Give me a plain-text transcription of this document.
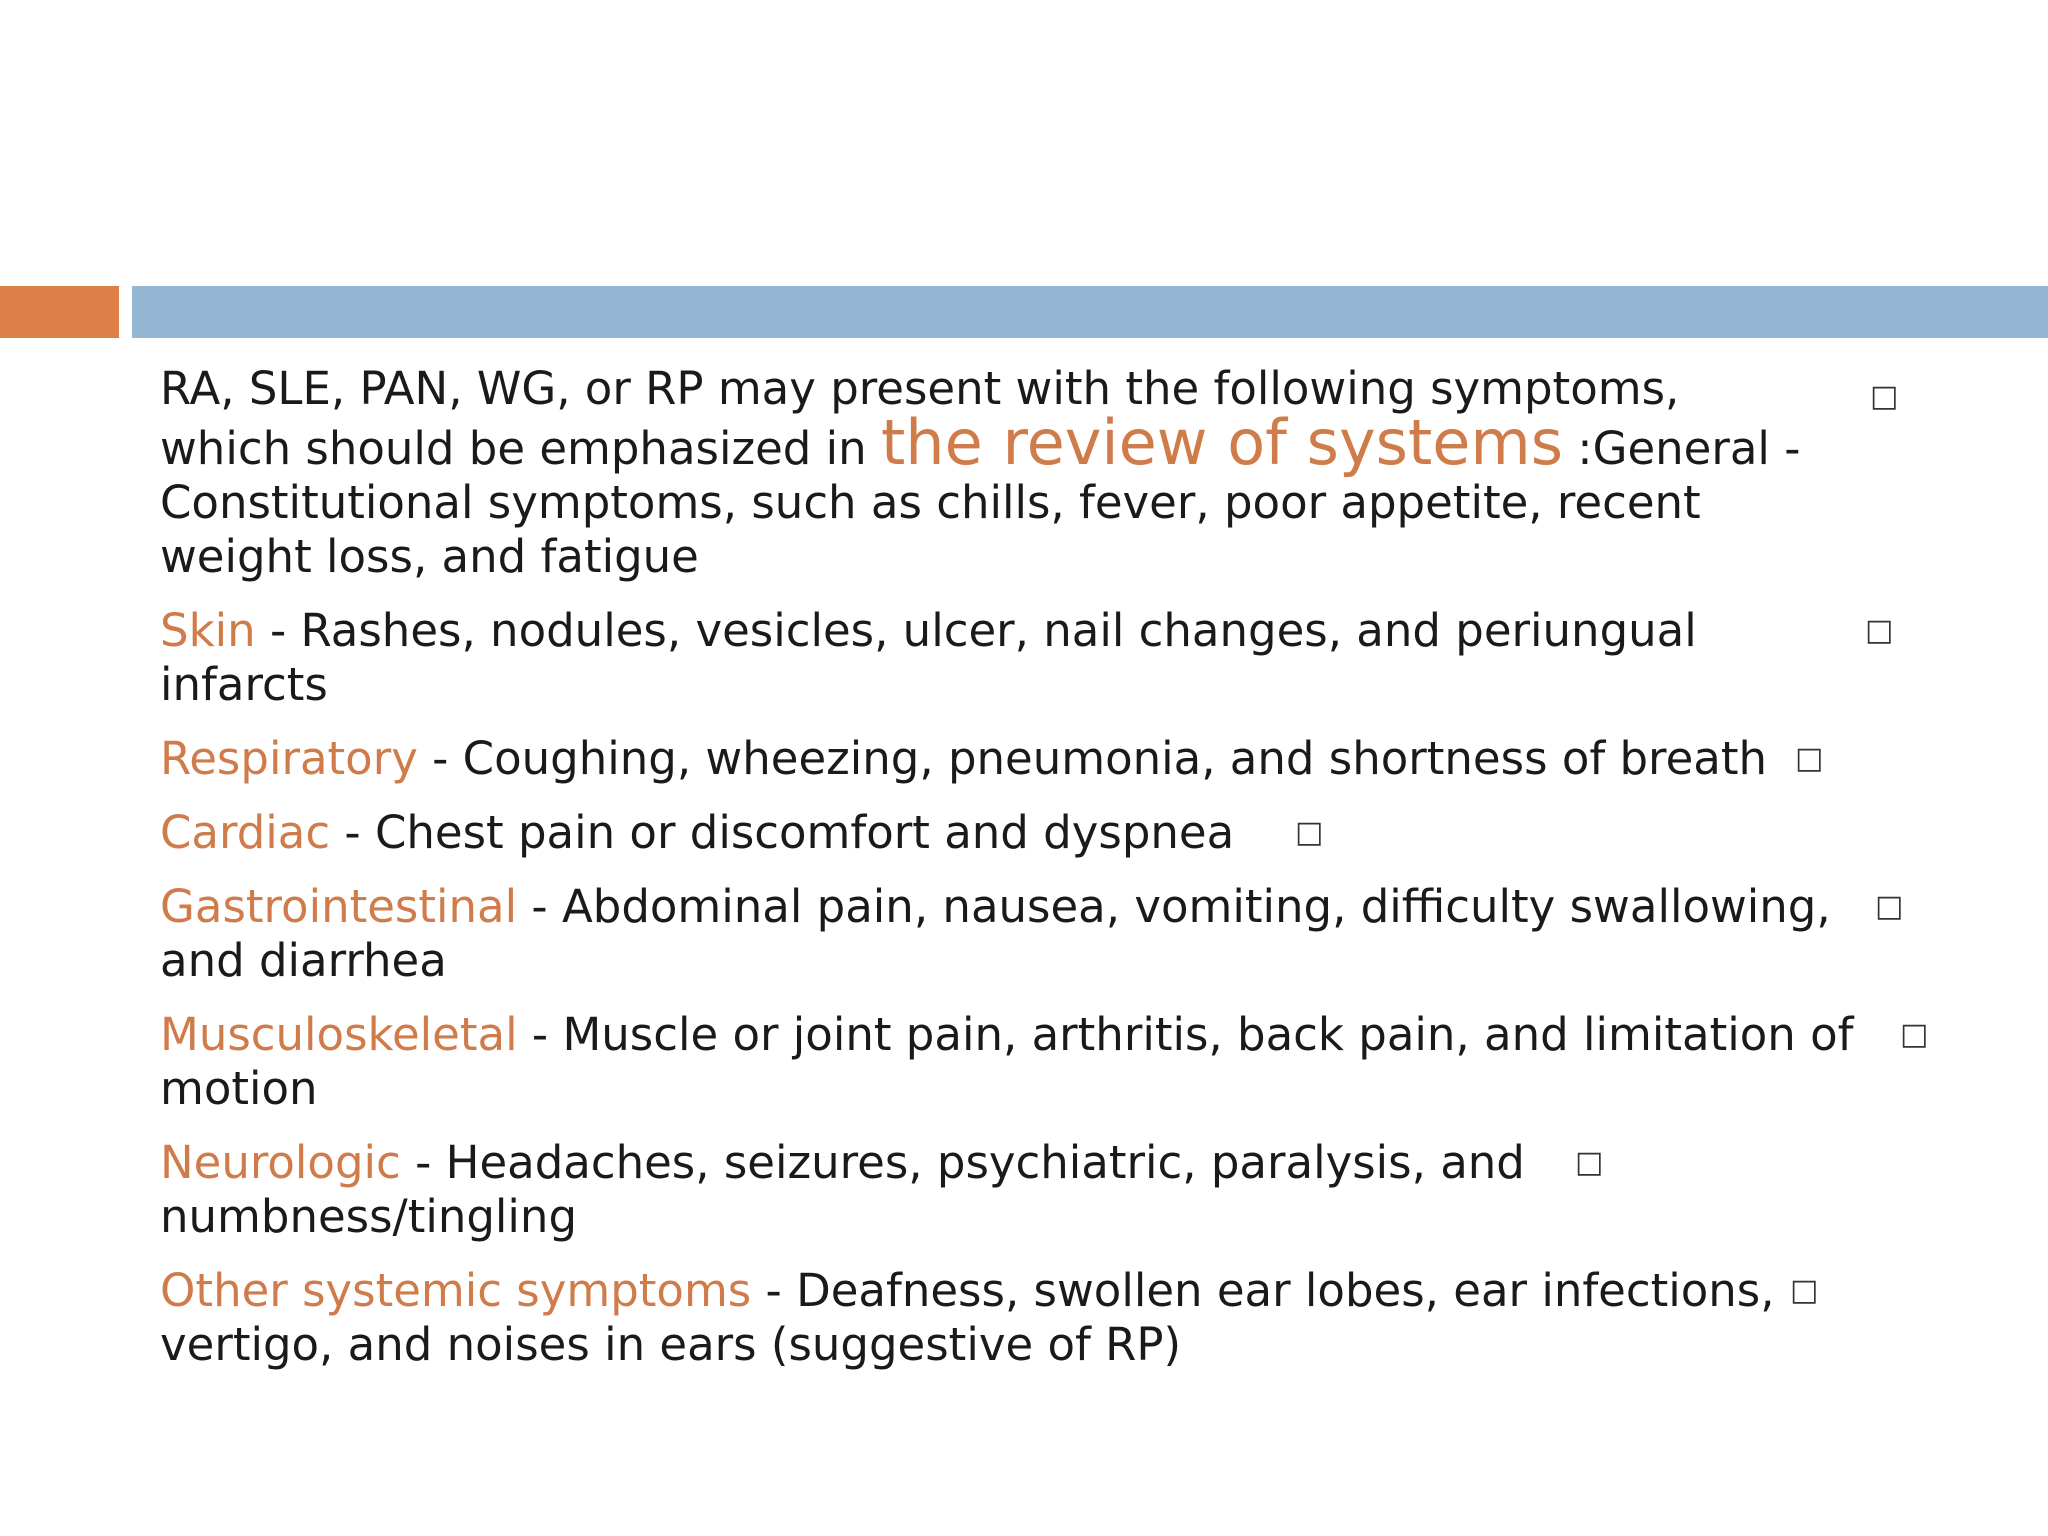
RA, SLE, PAN, WG, or RP may present with the following symptoms, which should be emphasized in the review of systems :General - Constitutional symptoms, such as chills, fever, poor appetite, recent weight loss, and fatigue
□
Skin - Rashes, nodules, vesicles, ulcer, nail changes, and periungual infarcts
□
Respiratory - Coughing, wheezing, pneumonia, and shortness of breath □
Cardiac - Chest pain or discomfort and dyspnea □
Gastrointestinal - Abdominal pain, nausea, vomiting, difficulty swallowing, and diarrhea
□
Musculoskeletal - Muscle or joint pain, arthritis, back pain, and limitation of motion
□
Neurologic - Headaches, seizures, psychiatric, paralysis, and numbness/tingling
□
Other systemic symptoms - Deafness, swollen ear lobes, ear infections, vertigo, and noises in ears (suggestive of RP)
□
